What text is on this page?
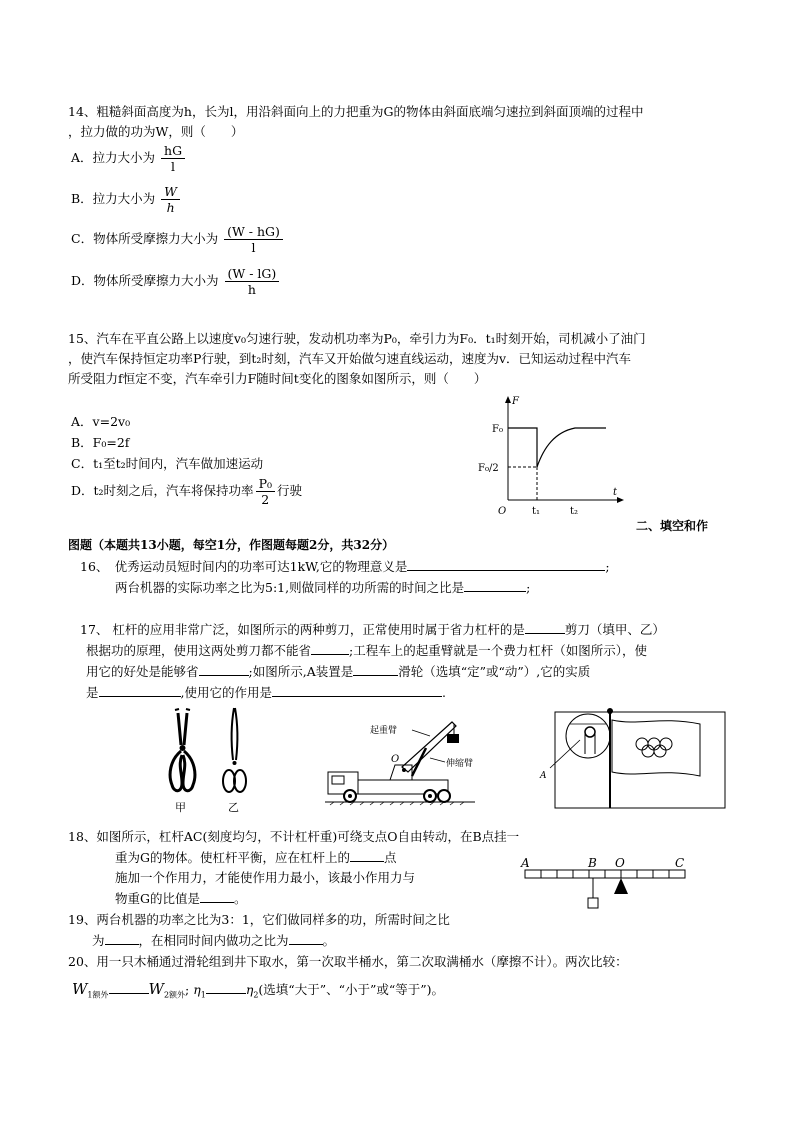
14、粗糙斜面高度为h，长为l，用沿斜面向上的力把重为G的物体由斜面底端匀速拉到斜面顶端的过程中
，拉力做的功为W，则（　　）
A．拉力大小为 $\frac{hG}{l}$
B．拉力大小为 $\frac{W}{h}$
C．物体所受摩擦力大小为 $\frac{(W - hG)}{l}$
D．物体所受摩擦力大小为 $\frac{(W - lG)}{h}$
15、汽车在平直公路上以速度v₀匀速行驶，发动机功率为P₀，牵引力为F₀．t₁时刻开始，司机减小了油门
，使汽车保持恒定功率P行驶，到t₂时刻，汽车又开始做匀速直线运动，速度为v．已知运动过程中汽车
所受阻力f恒定不变，汽车牵引力F随时间t变化的图象如图所示，则（　　）
A．v=2v₀
B．F₀=2f
C．t₁至t₂时间内，汽车做加速运动
D．t₂时刻之后，汽车将保持功率 $\frac{\text{P₀}}{2}$ 行驶
F
t
O
F₀
F₀/2
t₁	t₂
二、填空和作
图题（本题共13小题，每空1分，作图题每题2分，共32分）
16、　优秀运动员短时间内的功率可达1kW,它的物理意义是	;
两台机器的实际功率之比为5:1,则做同样的功所需的时间之比是	;
17、 杠杆的应用非常广泛，如图所示的两种剪刀，正常使用时属于省力杠杆的是	剪刀（填甲、乙）
根据功的原理，使用这两处剪刀都不能省	;工程车上的起重臂就是一个费力杠杆（如图所示），使
用它的好处是能够省	;如图所示,A装置是	滑轮（选填“定”或“动”）,它的实质
是	,使用它的作用是	.
甲	乙
起重臂
伸缩臂
O
A
18、如图所示，杠杆AC(刻度均匀，不计杠杆重)可绕支点O自由转动，在B点挂一
重为G的物体。使杠杆平衡，应在杠杆上的	点
施加一个作用力，才能使作用力最小，该最小作用力与
物重G的比值是	。
A	B O	C
19、两台机器的功率之比为3：1，它们做同样多的功，所需时间之比
为	，在相同时间内做功之比为	。
20、用一只木桶通过滑轮组到井下取水，第一次取半桶水，第二次取满桶水（摩擦不计）。两次比较：
$W_{1额外}$	$W_{2额外}$; $\eta_1$	$\eta_2$(选填“大于”、“小于”或“等于”)。
